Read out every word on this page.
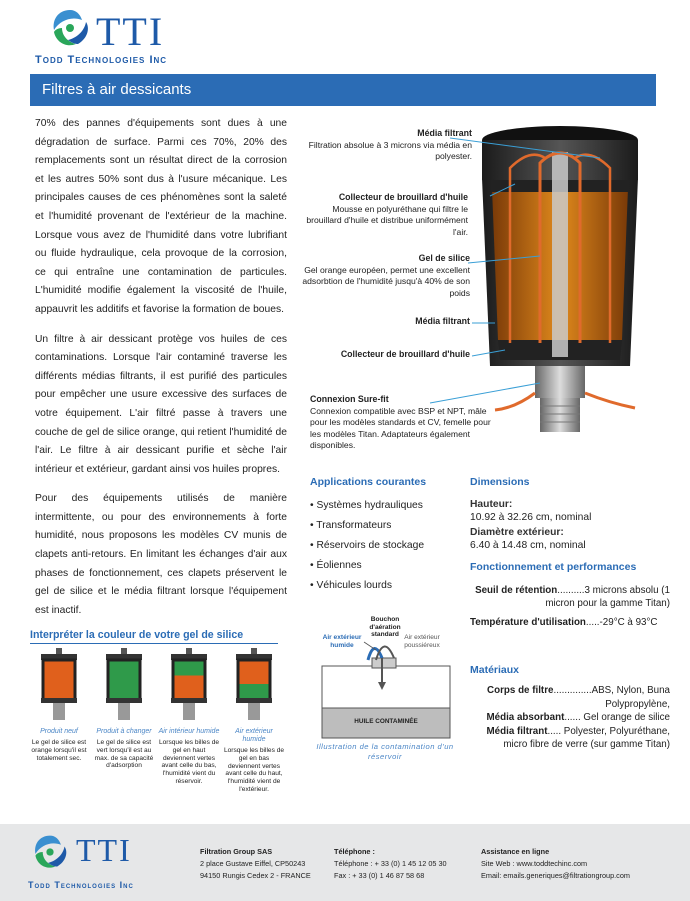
TTI
Todd Technologies Inc
Filtres à air dessicants

70% des pannes d'équipements sont dues à une dégradation de surface. Parmi ces 70%, 20% des remplacements sont un résultat direct de la corrosion et les autres 50% sont dus à l'usure mécanique. Les principales causes de ces phénomènes sont la saleté et l'humidité provenant de l'extérieur de la machine. Lorsque vous avez de l'humidité dans votre lubrifiant ou fluide hydraulique, cela provoque de la corrosion, ce qui entraîne une contamination de particules. L'humidité modifie également la viscosité de l'huile, appauvrit les additifs et favorise la formation de boues.

Un filtre à air dessicant protège vos huiles de ces contaminations. Lorsque l'air contaminé traverse les différents médias filtrants, il est purifié des particules pour empêcher une usure excessive des surfaces de votre équipement. L'air filtré passe à travers une couche de gel de silice orange, qui retient l'humidité de l'air. Le filtre à air dessicant purifie et sèche l'air intérieur et extérieur, gardant ainsi vos huiles propres.

Pour des équipements utilisés de manière intermittente, ou pour des environnements à forte humidité, nous proposons les modèles CV munis de clapets anti-retours. En limitant les échanges d'air aux phases de fonctionnement, ces clapets préservent le gel de silice et le média filtrant lorsque l'équipement est inactif.

Média filtrant
Filtration absolue à 3 microns via média en polyester.
Collecteur de brouillard d'huile
Mousse en polyuréthane qui filtre le brouillard d'huile et distribue uniformément l'air.
Gel de silice
Gel orange européen, permet une excellent adsorbtion de l'humidité jusqu'à 40% de son poids
Média filtrant
Collecteur de brouillard d'huile
Connexion Sure-fit
Connexion compatible avec BSP et NPT, mâle pour les modèles standards et CV, femelle pour les modèles Titan. Adaptateurs également disponibles.
Applications courantes
• Systèmes hydrauliques
• Transformateurs
• Réservoirs de stockage
• Éoliennes
• Véhicules lourds
Dimensions
Hauteur:
10.92 à 32.26 cm, nominal
Diamètre extérieur:
6.40 à 14.48 cm, nominal
Fonctionnement et performances
Seuil de rétention..........3 microns absolu (1 micron pour la gamme Titan)
Température d'utilisation.....-29°C à 93°C
Matériaux
Corps de filtre..............ABS, Nylon, Buna Polypropylène,
Média absorbant...... Gel orange de silice
Média filtrant..... Polyester, Polyuréthane, micro fibre de verre (sur gamme Titan)
Interpréter la couleur de votre gel de silice
Produit neuf
Le gel de silice est orange lorsqu'il est totalement sec.
Produit à changer
Le gel de silice est vert lorsqu'il est au max. de sa capacité d'adsorption
Air intérieur humide
Lorsque les billes de gel en haut deviennent vertes avant celle du bas, l'humidité vient du réservoir.
Air extérieur humide
Lorsque les billes de gel en bas deviennent vertes avant celle du haut, l'humidité vient de l'extérieur.
Bouchon d'aération standard
Air extérieur humide
Air extérieur poussiéreux
HUILE CONTAMINÉE
Illustration de la contamination d'un réservoir
TTI
Todd Technologies Inc
Filtration Group SAS
2 place Gustave Eiffel, CP50243
94150 Rungis Cedex 2 - FRANCE
Téléphone :
Téléphone : + 33 (0) 1 45 12 05 30
Fax : + 33 (0) 1 46 87 58 68
Assistance en ligne
Site Web : www.toddtechinc.com
Email: emails.generiques@filtrationgroup.com
